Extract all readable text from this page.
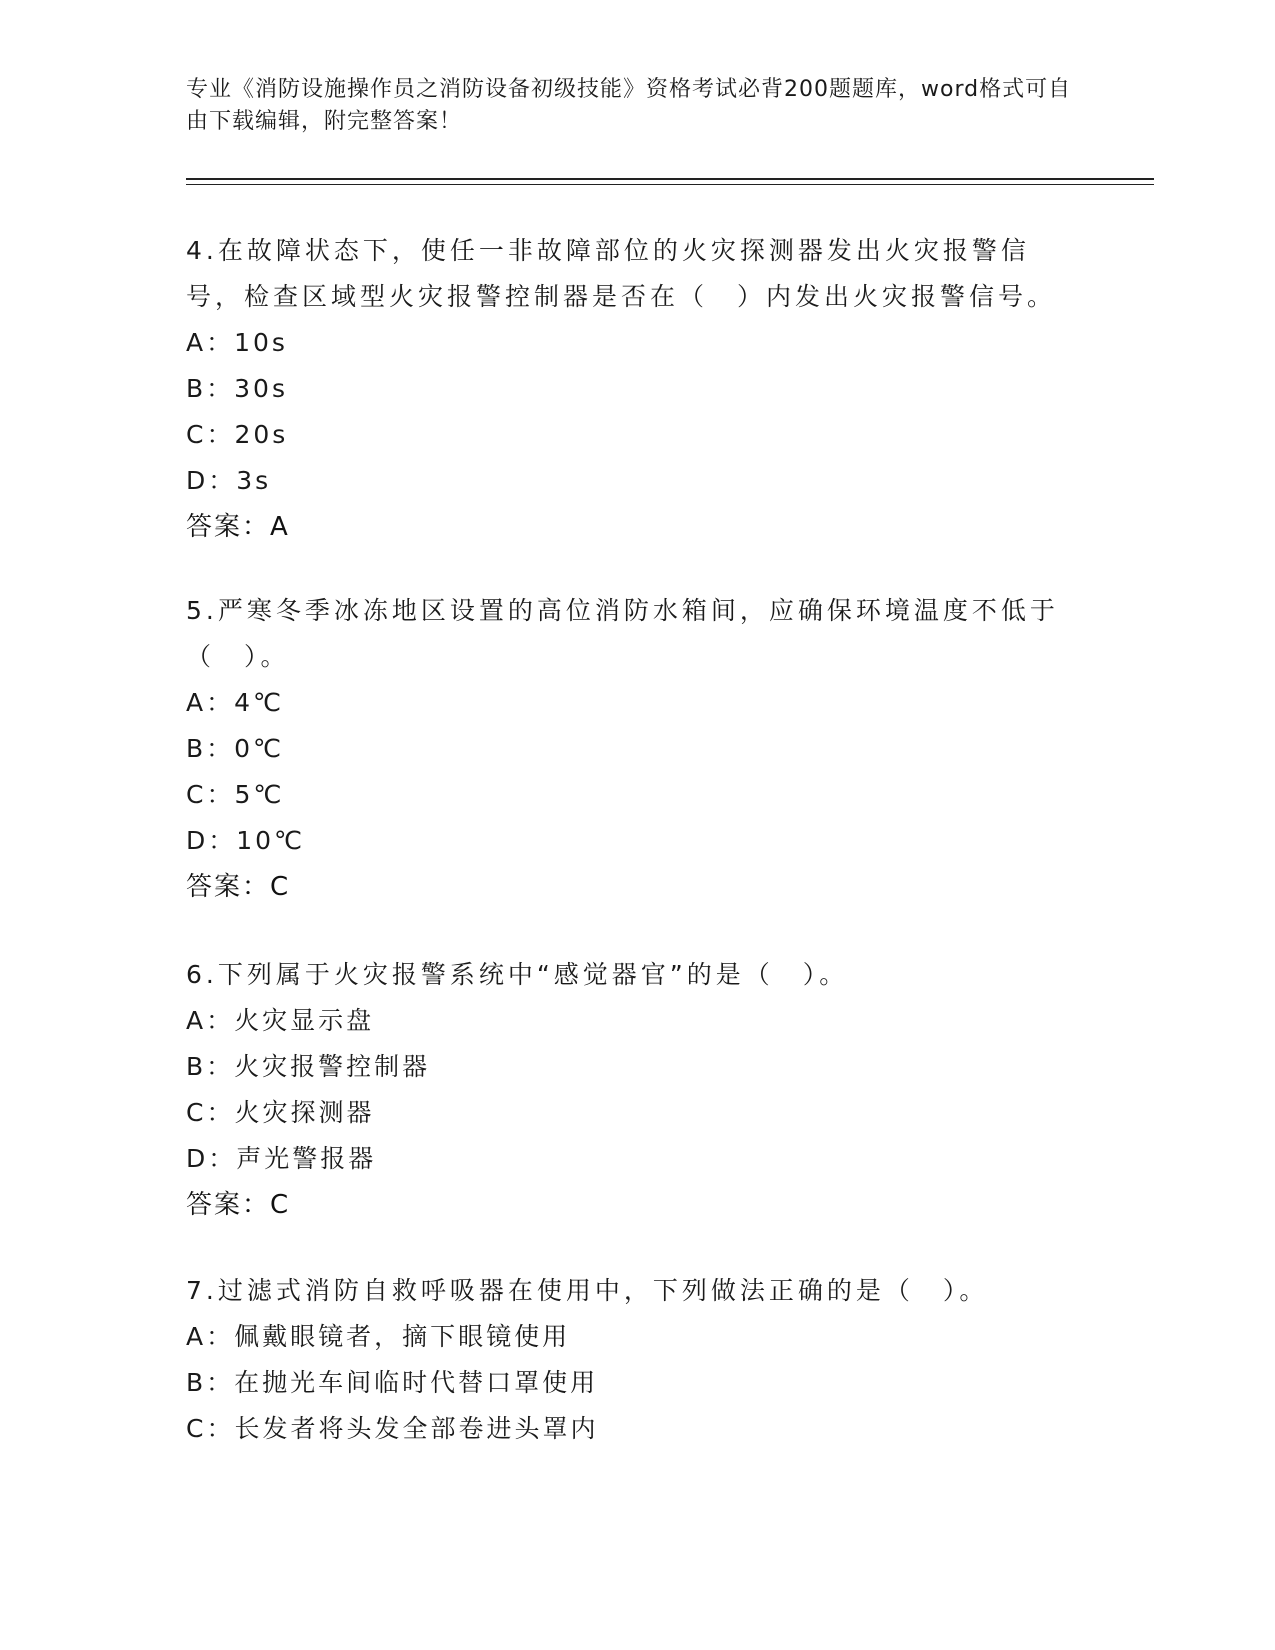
专业《消防设施操作员之消防设备初级技能》资格考试必背200题题库，word格式可自由下载编辑，附完整答案！

4.在故障状态下，使任一非故障部位的火灾探测器发出火灾报警信号，检查区域型火灾报警控制器是否在（　）内发出火灾报警信号。

A：10s

B：30s

C：20s

D：3s

答案：A

5.严寒冬季冰冻地区设置的高位消防水箱间，应确保环境温度不低于（　）。

A：4℃

B：0℃

C：5℃

D：10℃

答案：C

6.下列属于火灾报警系统中“感觉器官”的是（　）。

A：火灾显示盘

B：火灾报警控制器

C：火灾探测器

D：声光警报器

答案：C

7.过滤式消防自救呼吸器在使用中，下列做法正确的是（　）。

A：佩戴眼镜者，摘下眼镜使用

B：在抛光车间临时代替口罩使用

C：长发者将头发全部卷进头罩内
